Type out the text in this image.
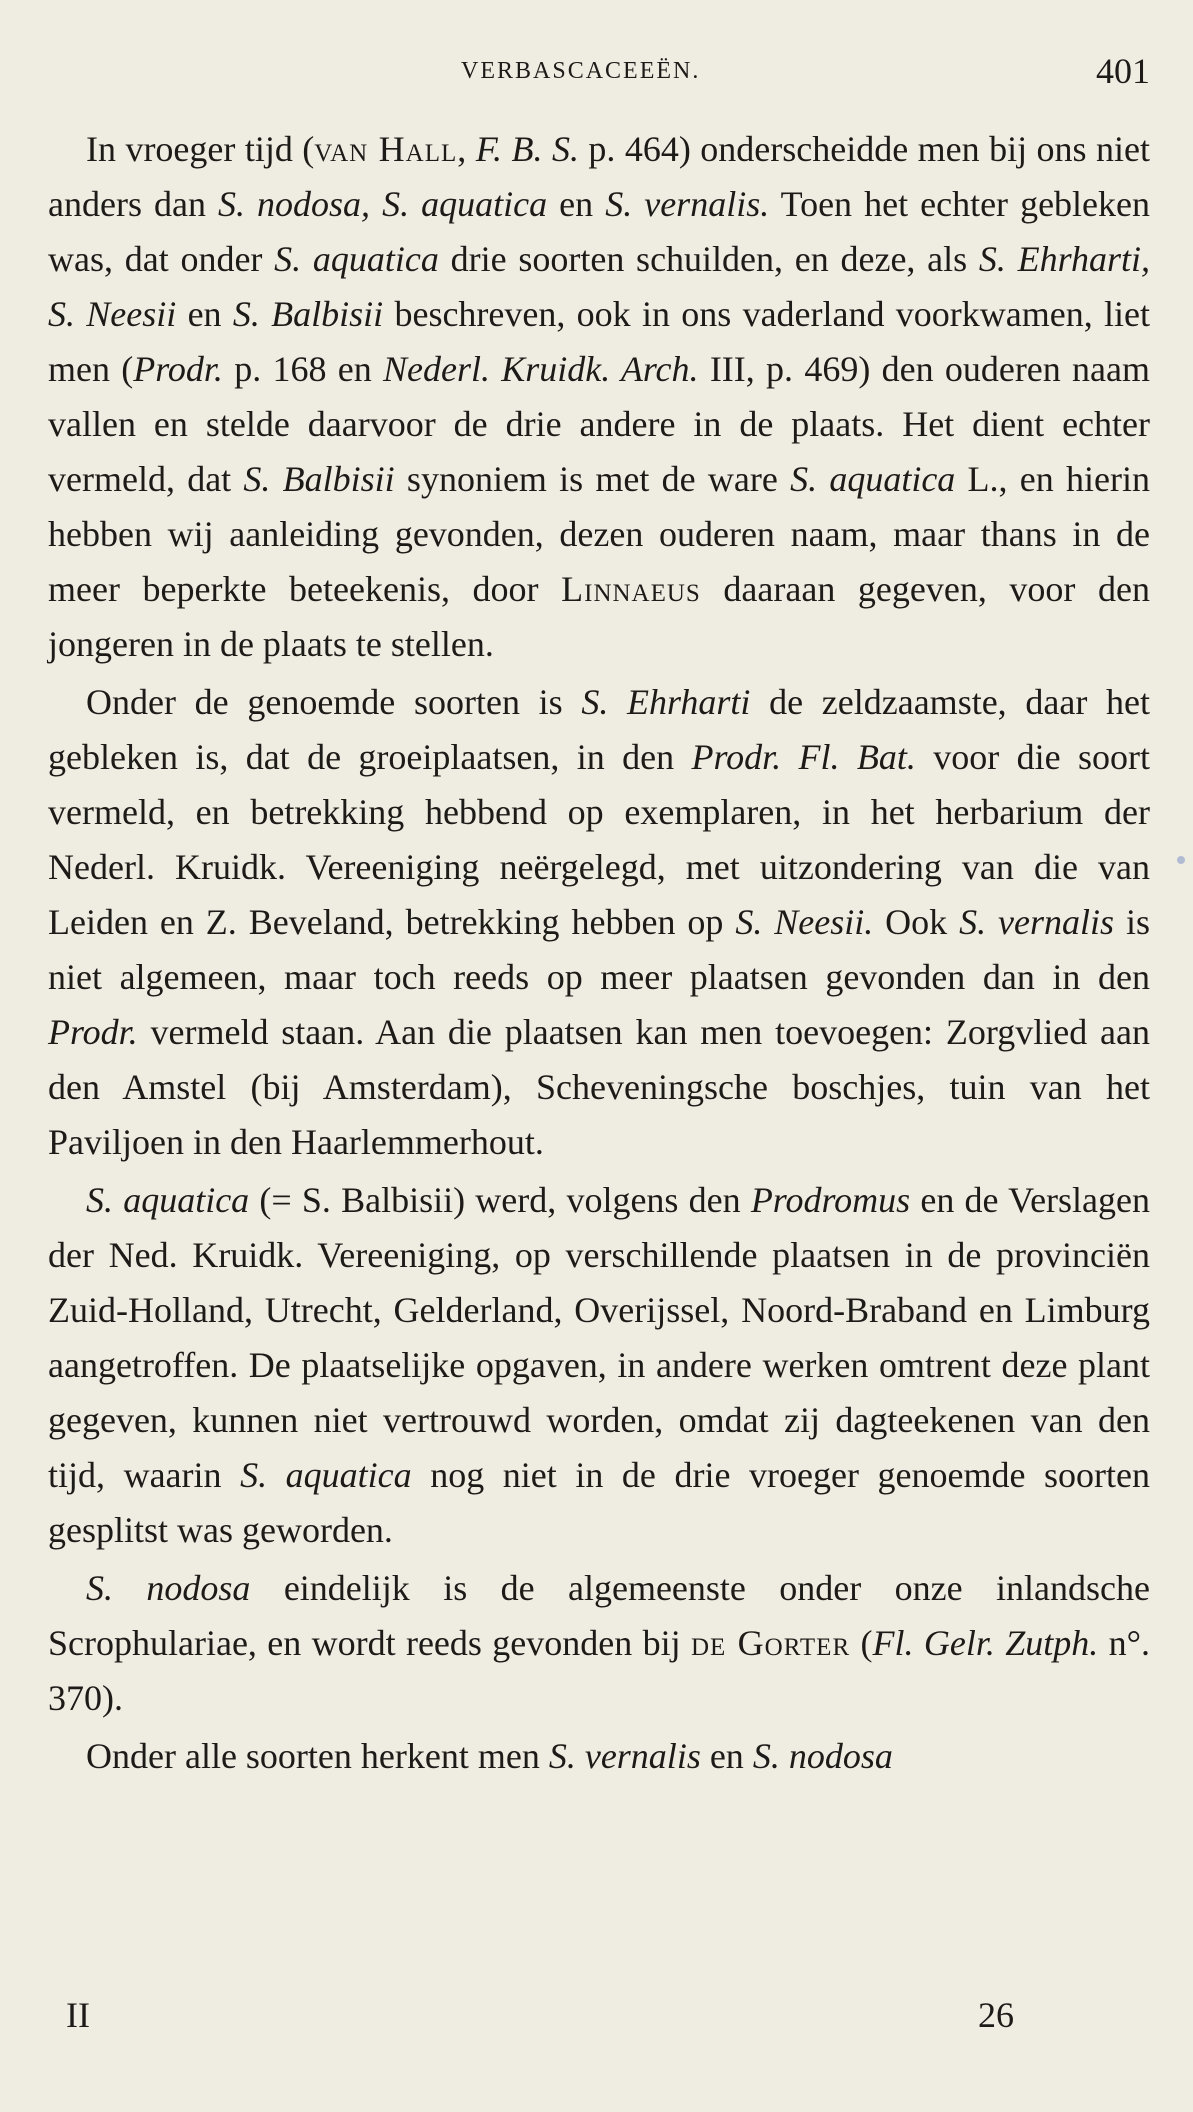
VERBASCACEEËN.	401

In vroeger tijd (van Hall, F. B. S. p. 464) onderscheidde men bij ons niet anders dan S. nodosa, S. aquatica en S. vernalis. Toen het echter gebleken was, dat onder S. aquatica drie soorten schuilden, en deze, als S. Ehrharti, S. Neesii en S. Balbisii beschreven, ook in ons vaderland voorkwamen, liet men (Prodr. p. 168 en Nederl. Kruidk. Arch. III, p. 469) den ouderen naam vallen en stelde daarvoor de drie andere in de plaats. Het dient echter vermeld, dat S. Balbisii synoniem is met de ware S. aquatica L., en hierin hebben wij aanleiding gevonden, dezen ouderen naam, maar thans in de meer beperkte beteekenis, door Linnaeus daaraan gegeven, voor den jongeren in de plaats te stellen.

Onder de genoemde soorten is S. Ehrharti de zeldzaamste, daar het gebleken is, dat de groeiplaatsen, in den Prodr. Fl. Bat. voor die soort vermeld, en betrekking hebbend op exemplaren, in het herbarium der Nederl. Kruidk. Vereeniging neërgelegd, met uitzondering van die van Leiden en Z. Beveland, betrekking hebben op S. Neesii. Ook S. vernalis is niet algemeen, maar toch reeds op meer plaatsen gevonden dan in den Prodr. vermeld staan. Aan die plaatsen kan men toevoegen: Zorgvlied aan den Amstel (bij Amsterdam), Scheveningsche boschjes, tuin van het Paviljoen in den Haarlemmerhout.

S. aquatica (= S. Balbisii) werd, volgens den Prodromus en de Verslagen der Ned. Kruidk. Vereeniging, op verschillende plaatsen in de provinciën Zuid-Holland, Utrecht, Gelderland, Overijssel, Noord-Braband en Limburg aangetroffen. De plaatselijke opgaven, in andere werken omtrent deze plant gegeven, kunnen niet vertrouwd worden, omdat zij dagteekenen van den tijd, waarin S. aquatica nog niet in de drie vroeger genoemde soorten gesplitst was geworden.

S. nodosa eindelijk is de algemeenste onder onze inlandsche Scrophulariae, en wordt reeds gevonden bij de Gorter (Fl. Gelr. Zutph. n°. 370).

Onder alle soorten herkent men S. vernalis en S. nodosa

II	26
